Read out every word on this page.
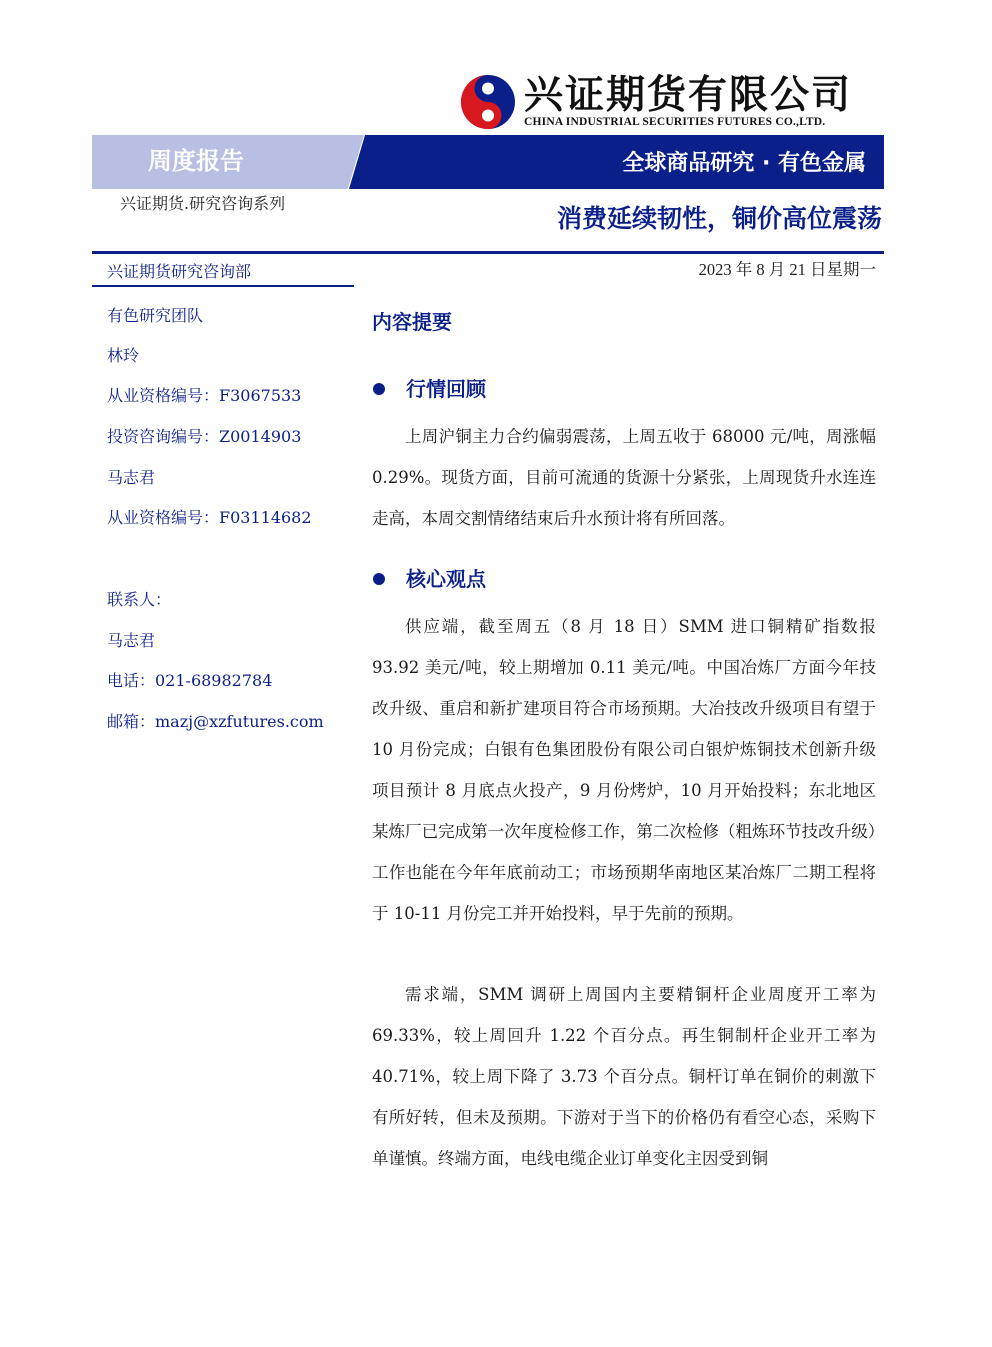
兴证期货有限公司
CHINA INDUSTRIAL SECURITIES FUTURES CO.,LTD.
周度报告	全球商品研究 · 有色金属
兴证期货.研究咨询系列
消费延续韧性，铜价高位震荡
兴证期货研究咨询部	2023 年 8 月 21 日星期一
有色研究团队
林玲
从业资格编号：F3067533
投资咨询编号：Z0014903
马志君
从业资格编号：F03114682
联系人：
马志君
电话：021-68982784
邮箱：mazj@xzfutures.com
内容提要
行情回顾

上周沪铜主力合约偏弱震荡，上周五收于 68000 元/吨，周涨幅 0.29%。现货方面，目前可流通的货源十分紧张，上周现货升水连连走高，本周交割情绪结束后升水预计将有所回落。

核心观点

供应端，截至周五（8 月 18 日）SMM 进口铜精矿指数报 93.92 美元/吨，较上期增加 0.11 美元/吨。中国冶炼厂方面今年技改升级、重启和新扩建项目符合市场预期。大冶技改升级项目有望于 10 月份完成；白银有色集团股份有限公司白银炉炼铜技术创新升级项目预计 8 月底点火投产，9 月份烤炉，10 月开始投料；东北地区某炼厂已完成第一次年度检修工作，第二次检修（粗炼环节技改升级）工作也能在今年年底前动工；市场预期华南地区某冶炼厂二期工程将于 10-11 月份完工并开始投料，早于先前的预期。

需求端，SMM 调研上周国内主要精铜杆企业周度开工率为 69.33%，较上周回升 1.22 个百分点。再生铜制杆企业开工率为 40.71%，较上周下降了 3.73 个百分点。铜杆订单在铜价的刺激下有所好转，但未及预期。下游对于当下的价格仍有看空心态，采购下单谨慎。终端方面，电线电缆企业订单变化主因受到铜
